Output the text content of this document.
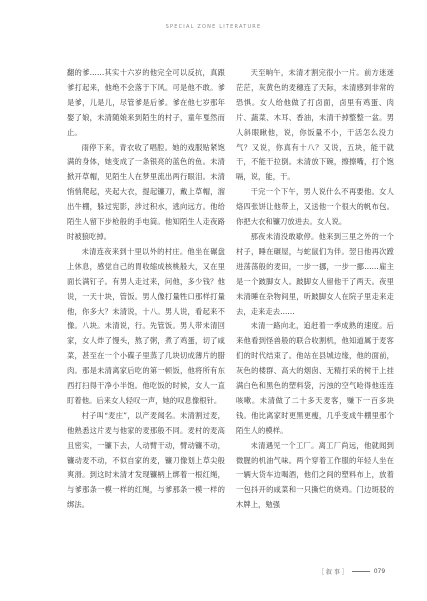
SPECIAL ZONE LITERATURE

翻的爹……其实十六岁的他完全可以反抗，真跟爹打起来，他绝不会落于下风。可是他不敢。爹是爹，儿是儿，尽管爹是后爹。爹在他七岁那年娶了娘，未清随娘来到陌生的村子，童年戛然而止。

雨停下来，青衣收了唱腔。她的戏服贴紧饱满的身体，她变成了一条银亮的蓝色的鱼。未清掀开草帽，见陌生人在梦里流出两行眼泪。未清悄悄爬起，夹起大衣，提起镰刀，戴上草帽，溜出牛棚，躲过宪影，涉过积水，逃向远方。他给陌生人留下步枪般的手电筒。他知陌生人走夜路时被狼吃掉。

未清连夜来到十里以外的村庄。他坐在碾盘上休息，感觉自己的胃收缩成核桃般大，又在里面长满钉子。有男人走过来，问他，多少钱？他说，一天十块，管饭。男人像打量牲口那样打量他，你多大？未清说，十八。男人说，看起来不像。八块。未清说，行。先管饭。男人带未清回家，女人炸了馒头，熬了粥，煮了鸡蛋，切了咸菜，甚至在一个小碟子里蒸了几块切成薄片的腊肉。那是未清离家后吃的第一顿饭，他将所有东西打扫得干净小半饱。他吃饭的时候，女人一直盯着他。后来女人轻叹一声，她的叹息像根针。

村子叫“麦庄”，以产麦闻名。未清割过麦，他熟悉这片麦与他家的麦那般不同。麦村的麦高且密实，一镰下去，人动臂干动，臂动镰不动，镰动麦不动，不似自家的麦，镰刀像划上草尖般爽滑。到这时未清才发现镰柄上绑着一根红绳，与爹那条一模一样的红绳，与爹那条一模一样的绑法。

天至晌午，未清才割完很小一片。前方迷迷茫茫，灰黄色的麦穗连了天际，未清感到非常的恐惧。女人给他做了打卤面，卤里有鸡蛋、肉片、蔬菜、木耳、香油，未清干掉整整一盆。男人斜眼瞅他，说，你饭量不小，干活怎么没力气？又说，你真有十八？又说，五块，能干就干，不能干拉倒。未清放下碗，擦擦嘴，打个饱嗝，说，能，干。

干完一个下午，男人说什么不再要他。女人烙四张饼让他带上，又送他一个很大的帆布包。你把大衣和镰刀放进去。女人说。

那夜未清没敢歇停。他来到三里之外的一个村子，睡在碾屋，与蛇鼠们为伴。翌日他再次蹚进荡荡般的麦田，一步一挪，一步一挪……雇主是一个跛脚女人。跛脚女人留他干了两天。夜里未清睡在杂物间里，听跛脚女人在院子里走来走去，走来走去……

未清一路向北，追赶着一季成熟的速度。后来他看到怪兽般的联合收割机，他知道属于麦客们的时代结束了。他站在县城边缘，他的面前，灰色的楼群、高大的烟囱、无精打采的树干上挂满白色和黑色的塑料袋，污浊的空气呛得他连连咳嗽。未清做了二十多天麦客，赚下一百多块钱。他比离家时更黑更瘦，几乎变成牛棚里那个陌生人的模样。

未清遇见一个工厂。离工厂尚远，他就闻到微腥的机油气味。两个穿着工作服的年轻人坐在一辆大货车边喝酒，他们之间的塑料布上，放着一包抖开的咸菜和一只撕烂的烧鸡。门边斑驳的木牌上，勉强

［ 叙 事 ］	079
